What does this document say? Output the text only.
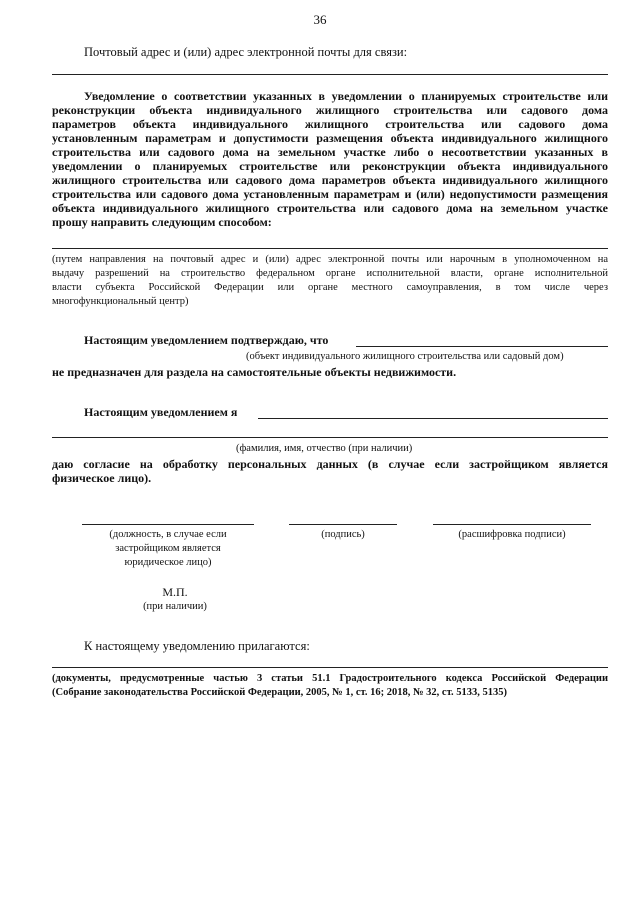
36
Почтовый адрес и (или) адрес электронной почты для связи:
Уведомление о соответствии указанных в уведомлении о планируемых строительстве или
реконструкции объекта индивидуального жилищного строительства или садового дома
параметров объекта индивидуального жилищного строительства или садового дома
установленным параметрам и допустимости размещения объекта индивидуального жилищного
строительства или садового дома на земельном участке либо о несоответствии указанных в
уведомлении о планируемых строительстве или реконструкции объекта индивидуального
жилищного строительства или садового дома параметров объекта индивидуального жилищного
строительства или садового дома установленным параметрам и (или) недопустимости размещения
объекта индивидуального жилищного строительства или садового дома на земельном участке
прошу направить следующим способом:
(путем направления на почтовый адрес и (или) адрес электронной почты или нарочным в уполномоченном на
выдачу разрешений на строительство федеральном органе исполнительной власти, органе исполнительной
власти субъекта Российской Федерации или органе местного самоуправления, в том числе через
многофункциональный центр)
Настоящим уведомлением подтверждаю, что
(объект индивидуального жилищного строительства или садовый дом)
не предназначен для раздела на самостоятельные объекты недвижимости.
Настоящим уведомлением я
(фамилия, имя, отчество (при наличии)
даю согласие на обработку персональных данных (в случае если застройщиком является
физическое лицо).
(должность, в случае если
застройщиком является
юридическое лицо)
(подпись)	(расшифровка подписи)
М.П.
(при наличии)
К настоящему уведомлению прилагаются:
(документы, предусмотренные частью 3 статьи 51.1 Градостроительного кодекса Российской Федерации
(Собрание законодательства Российской Федерации, 2005, № 1, ст. 16; 2018, № 32, ст. 5133, 5135)
